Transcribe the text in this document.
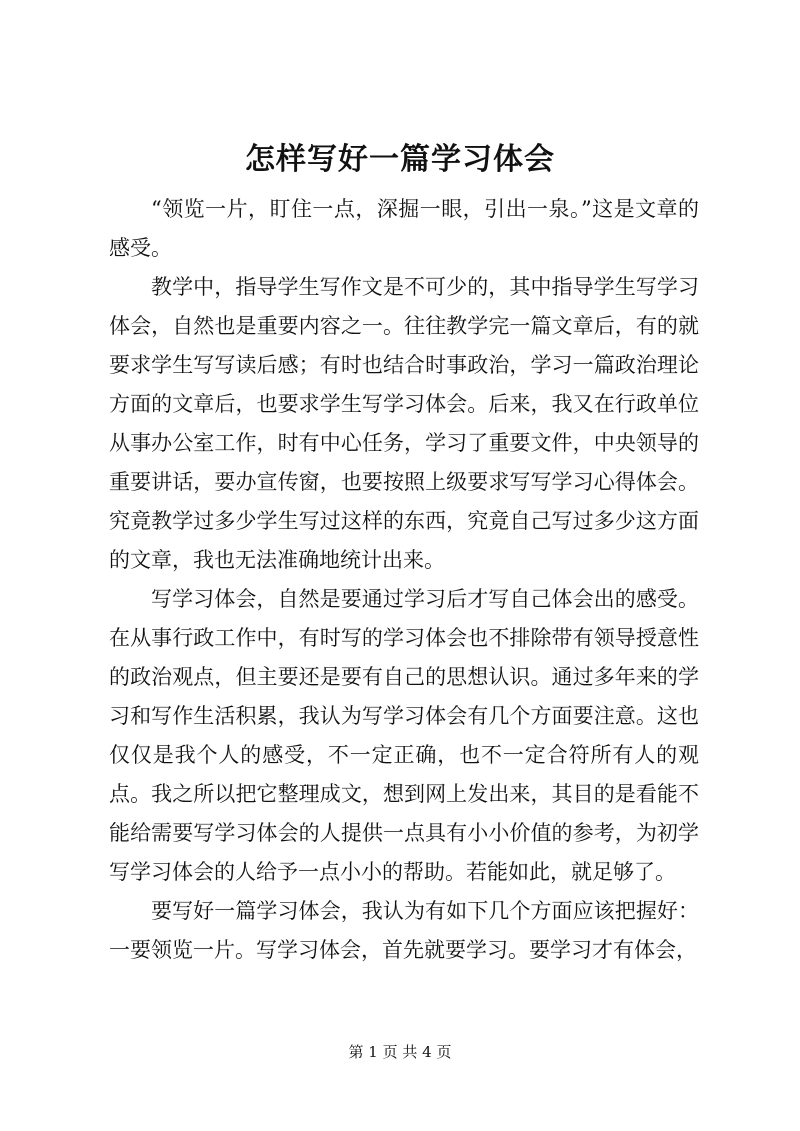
怎样写好一篇学习体会

“领览一片，盯住一点，深掘一眼，引出一泉。”这是文章的感受。

教学中，指导学生写作文是不可少的，其中指导学生写学习体会，自然也是重要内容之一。往往教学完一篇文章后，有的就要求学生写写读后感；有时也结合时事政治，学习一篇政治理论方面的文章后，也要求学生写学习体会。后来，我又在行政单位从事办公室工作，时有中心任务，学习了重要文件，中央领导的重要讲话，要办宣传窗，也要按照上级要求写写学习心得体会。究竟教学过多少学生写过这样的东西，究竟自己写过多少这方面的文章，我也无法准确地统计出来。

写学习体会，自然是要通过学习后才写自己体会出的感受。在从事行政工作中，有时写的学习体会也不排除带有领导授意性的政治观点，但主要还是要有自己的思想认识。通过多年来的学习和写作生活积累，我认为写学习体会有几个方面要注意。这也仅仅是我个人的感受，不一定正确，也不一定合符所有人的观点。我之所以把它整理成文，想到网上发出来，其目的是看能不能给需要写学习体会的人提供一点具有小小价值的参考，为初学写学习体会的人给予一点小小的帮助。若能如此，就足够了。

要写好一篇学习体会，我认为有如下几个方面应该把握好：一要领览一片。写学习体会，首先就要学习。要学习才有体会，

第 1 页 共 4 页
